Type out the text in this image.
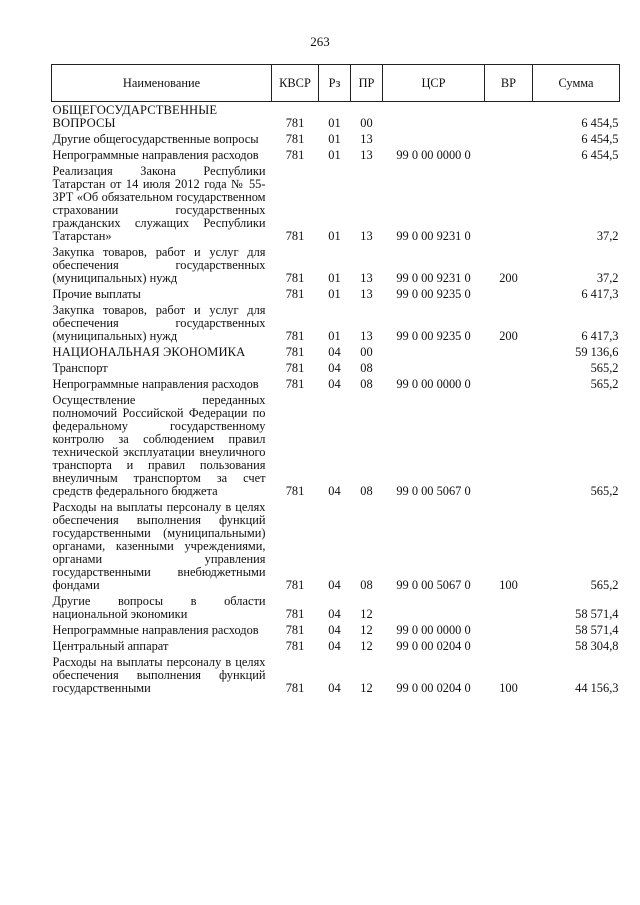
263
Наименование	КВСР	Рз	ПР	ЦСР	ВР	Сумма
ОБЩЕГОСУДАРСТВЕННЫЕ ВОПРОСЫ	781	01	00			6 454,5
Другие общегосударственные вопросы	781	01	13			6 454,5
Непрограммные направления расходов	781	01	13	99 0 00 0000 0		6 454,5
Реализация Закона Республики Татарстан от 14 июля 2012 года № 55-ЗРТ «Об обязательном государственном страховании государственных гражданских служащих Республики Татарстан»	781	01	13	99 0 00 9231 0		37,2
Закупка товаров, работ и услуг для обеспечения государственных (муниципальных) нужд	781	01	13	99 0 00 9231 0	200	37,2
Прочие выплаты	781	01	13	99 0 00 9235 0		6 417,3
Закупка товаров, работ и услуг для обеспечения государственных (муниципальных) нужд	781	01	13	99 0 00 9235 0	200	6 417,3
НАЦИОНАЛЬНАЯ ЭКОНОМИКА	781	04	00			59 136,6
Транспорт	781	04	08			565,2
Непрограммные направления расходов	781	04	08	99 0 00 0000 0		565,2
Осуществление переданных полномочий Российской Федерации по федеральному государственному контролю за соблюдением правил технической эксплуатации внеуличного транспорта и правил пользования внеуличным транспортом за счет средств федерального бюджета	781	04	08	99 0 00 5067 0		565,2
Расходы на выплаты персоналу в целях обеспечения выполнения функций государственными (муниципальными) органами, казенными учреждениями, органами управления государственными внебюджетными фондами	781	04	08	99 0 00 5067 0	100	565,2
Другие вопросы в области национальной экономики	781	04	12			58 571,4
Непрограммные направления расходов	781	04	12	99 0 00 0000 0		58 571,4
Центральный аппарат	781	04	12	99 0 00 0204 0		58 304,8
Расходы на выплаты персоналу в целях обеспечения выполнения функций государственными	781	04	12	99 0 00 0204 0	100	44 156,3
